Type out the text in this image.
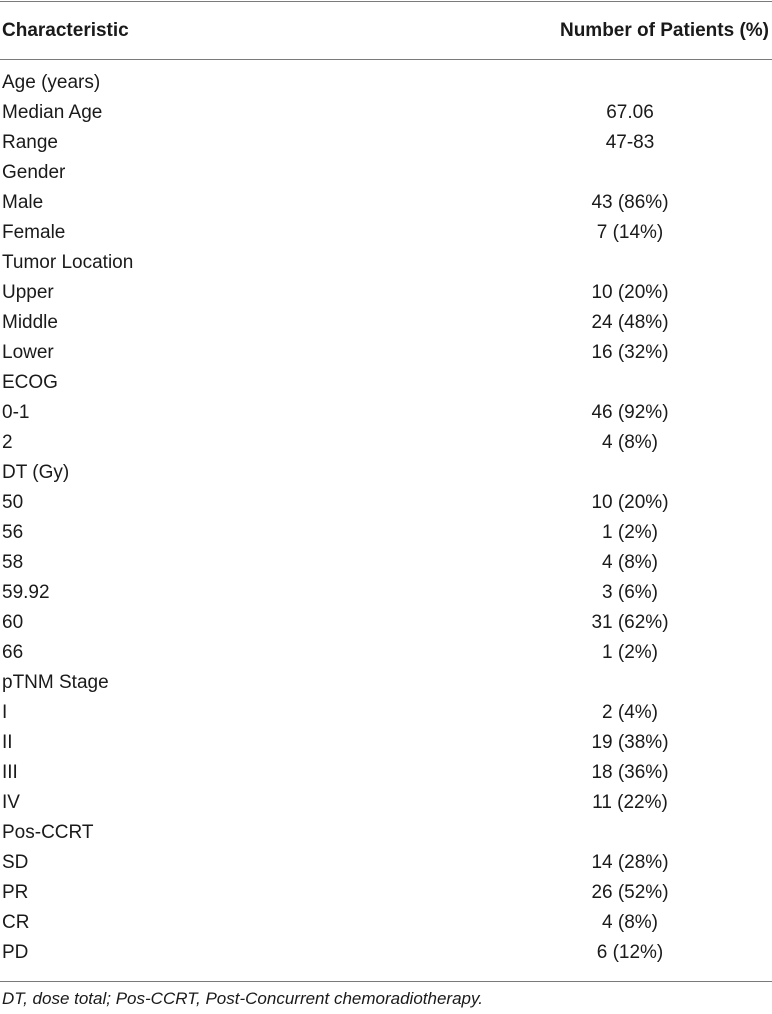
Characteristic	Number of Patients (%)
Age (years)
Median Age	67.06
Range	47-83
Gender
Male	43 (86%)
Female	7 (14%)
Tumor Location
Upper	10 (20%)
Middle	24 (48%)
Lower	16 (32%)
ECOG
0-1	46 (92%)
2	4 (8%)
DT (Gy)
50	10 (20%)
56	1 (2%)
58	4 (8%)
59.92	3 (6%)
60	31 (62%)
66	1 (2%)
pTNM Stage
I	2 (4%)
II	19 (38%)
III	18 (36%)
IV	11 (22%)
Pos-CCRT
SD	14 (28%)
PR	26 (52%)
CR	4 (8%)
PD	6 (12%)
DT, dose total; Pos-CCRT, Post-Concurrent chemoradiotherapy.
